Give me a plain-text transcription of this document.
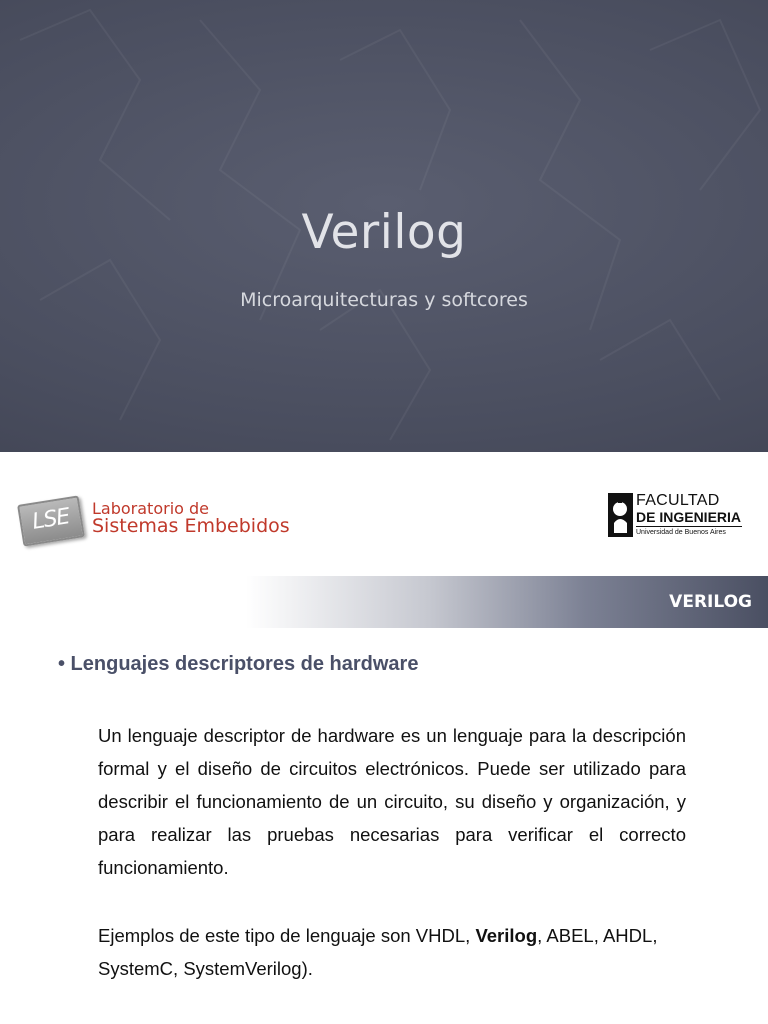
Verilog
Microarquitecturas y softcores
LSE	Laboratorio de
Sistemas Embebidos
FACULTAD
DE INGENIERIA
Universidad de Buenos Aires
VERILOG
• Lenguajes descriptores de hardware
Un lenguaje descriptor de hardware es un lenguaje para la descripción formal y el diseño de circuitos electrónicos. Puede ser utilizado para describir el funcionamiento de un circuito, su diseño y organización, y para realizar las pruebas necesarias para verificar el correcto funcionamiento.
Ejemplos de este tipo de lenguaje son VHDL, Verilog, ABEL, AHDL, SystemC, SystemVerilog).
